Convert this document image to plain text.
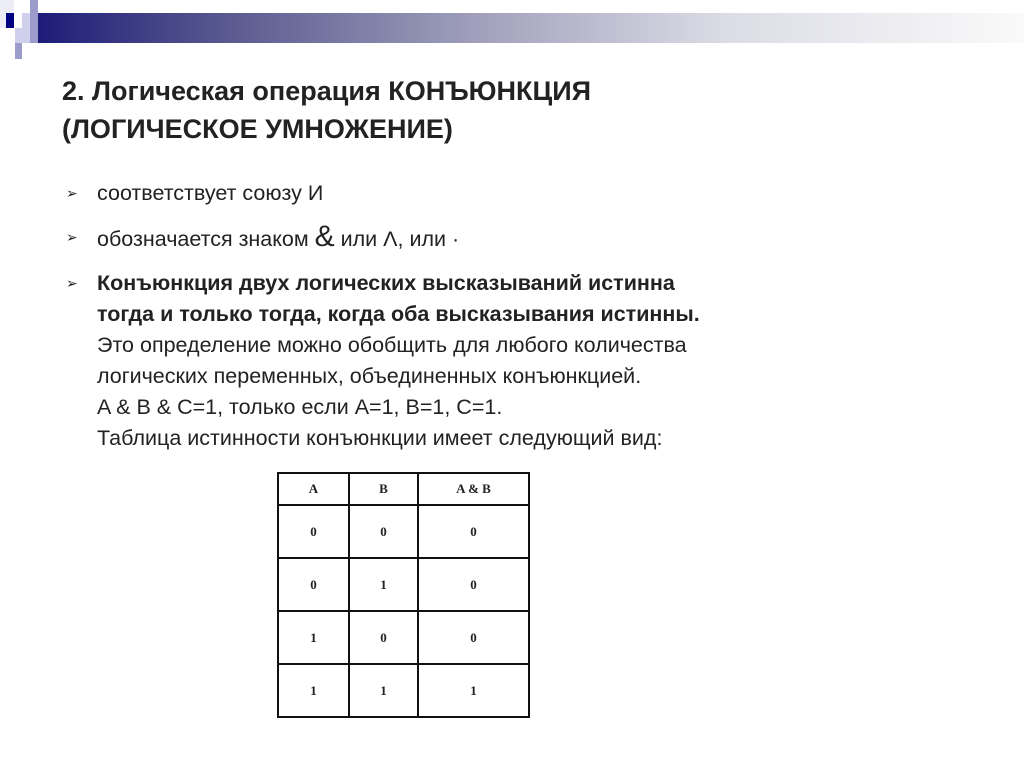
2. Логическая операция КОНЪЮНКЦИЯ
(ЛОГИЧЕСКОЕ УМНОЖЕНИЕ)
➢ соответствует союзу И
➢ обозначается знаком & или Λ, или ·
➢ Конъюнкция двух логических высказываний истинна
тогда и только тогда, когда оба высказывания истинны.
Это определение можно обобщить для любого количества
логических переменных, объединенных конъюнкцией.
A & B & C=1, только если A=1, B=1, C=1.
Таблица истинности конъюнкции имеет следующий вид:
A	B	A & B
0	0	0
0	1	0
1	0	0
1	1	1
